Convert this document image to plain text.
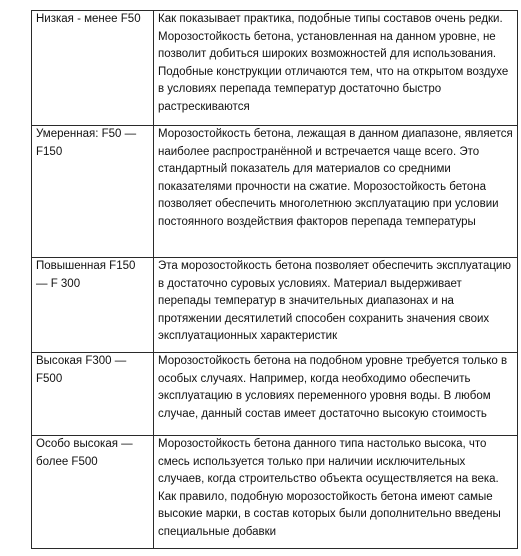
Низкая - менее F50	Как показывает практика, подобные типы составов очень редки. Морозостойкость бетона, установленная на данном уровне, не позволит добиться широких возможностей для использования. Подобные конструкции отличаются тем, что на открытом воздухе в условиях перепада температур достаточно быстро растрескиваются
Умеренная: F50 — F150	Морозостойкость бетона, лежащая в данном диапазоне, является наиболее распространённой и встречается чаще всего. Это стандартный показатель для материалов со средними показателями прочности на сжатие. Морозостойкость бетона позволяет обеспечить многолетнюю эксплуатацию при условии постоянного воздействия факторов перепада температуры
Повышенная F150 — F 300	Эта морозостойкость бетона позволяет обеспечить эксплуатацию в достаточно суровых условиях. Материал выдерживает перепады температур в значительных диапазонах и на протяжении десятилетий способен сохранить значения своих эксплуатационных характеристик
Высокая F300 — F500	Морозостойкость бетона на подобном уровне требуется только в особых случаях. Например, когда необходимо обеспечить эксплуатацию в условиях переменного уровня воды. В любом случае, данный состав имеет достаточно высокую стоимость
Особо высокая — более F500	Морозостойкость бетона данного типа настолько высока, что смесь используется только при наличии исключительных случаев, когда строительство объекта осуществляется на века. Как правило, подобную морозостойкость бетона имеют самые высокие марки, в состав которых были дополнительно введены специальные добавки
